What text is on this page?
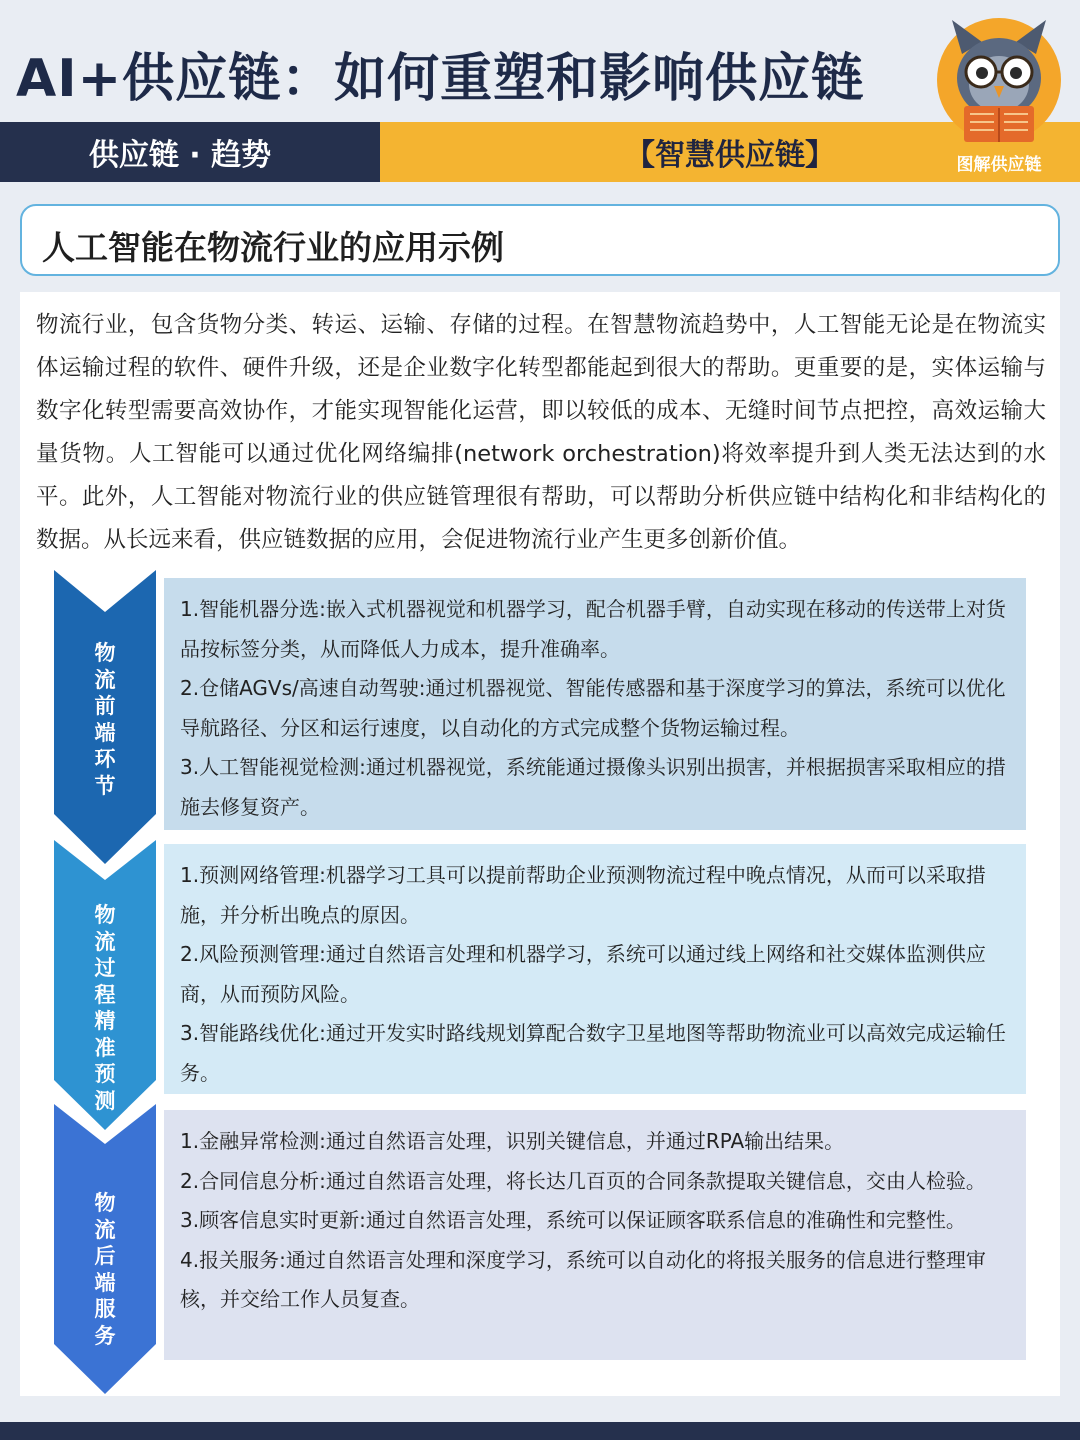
AI+供应链：如何重塑和影响供应链
供应链 · 趋势	【智慧供应链】	图解供应链
人工智能在物流行业的应用示例
物流行业，包含货物分类、转运、运输、存储的过程。在智慧物流趋势中，人工智能无论是在物流实体运输过程的软件、硬件升级，还是企业数字化转型都能起到很大的帮助。更重要的是，实体运输与数字化转型需要高效协作，才能实现智能化运营，即以较低的成本、无缝时间节点把控，高效运输大量货物。人工智能可以通过优化网络编排(network orchestration)将效率提升到人类无法达到的水平。此外，人工智能对物流行业的供应链管理很有帮助，可以帮助分析供应链中结构化和非结构化的数据。从长远来看，供应链数据的应用，会促进物流行业产生更多创新价值。
物
流
前
端
环
节

1.智能机器分选:嵌入式机器视觉和机器学习，配合机器手臂，自动实现在移动的传送带上对货品按标签分类，从而降低人力成本，提升准确率。

2.仓储AGVs/高速自动驾驶:通过机器视觉、智能传感器和基于深度学习的算法，系统可以优化导航路径、分区和运行速度，以自动化的方式完成整个货物运输过程。

3.人工智能视觉检测:通过机器视觉，系统能通过摄像头识别出损害，并根据损害采取相应的措施去修复资产。

物
流
过
程
精
准
预
测

1.预测网络管理:机器学习工具可以提前帮助企业预测物流过程中晚点情况，从而可以采取措施，并分析出晚点的原因。

2.风险预测管理:通过自然语言处理和机器学习，系统可以通过线上网络和社交媒体监测供应商，从而预防风险。

3.智能路线优化:通过开发实时路线规划算配合数字卫星地图等帮助物流业可以高效完成运输任务。

物
流
后
端
服
务

1.金融异常检测:通过自然语言处理，识别关键信息，并通过RPA输出结果。

2.合同信息分析:通过自然语言处理，将长达几百页的合同条款提取关键信息，交由人检验。

3.顾客信息实时更新:通过自然语言处理，系统可以保证顾客联系信息的准确性和完整性。

4.报关服务:通过自然语言处理和深度学习，系统可以自动化的将报关服务的信息进行整理审核，并交给工作人员复查。
